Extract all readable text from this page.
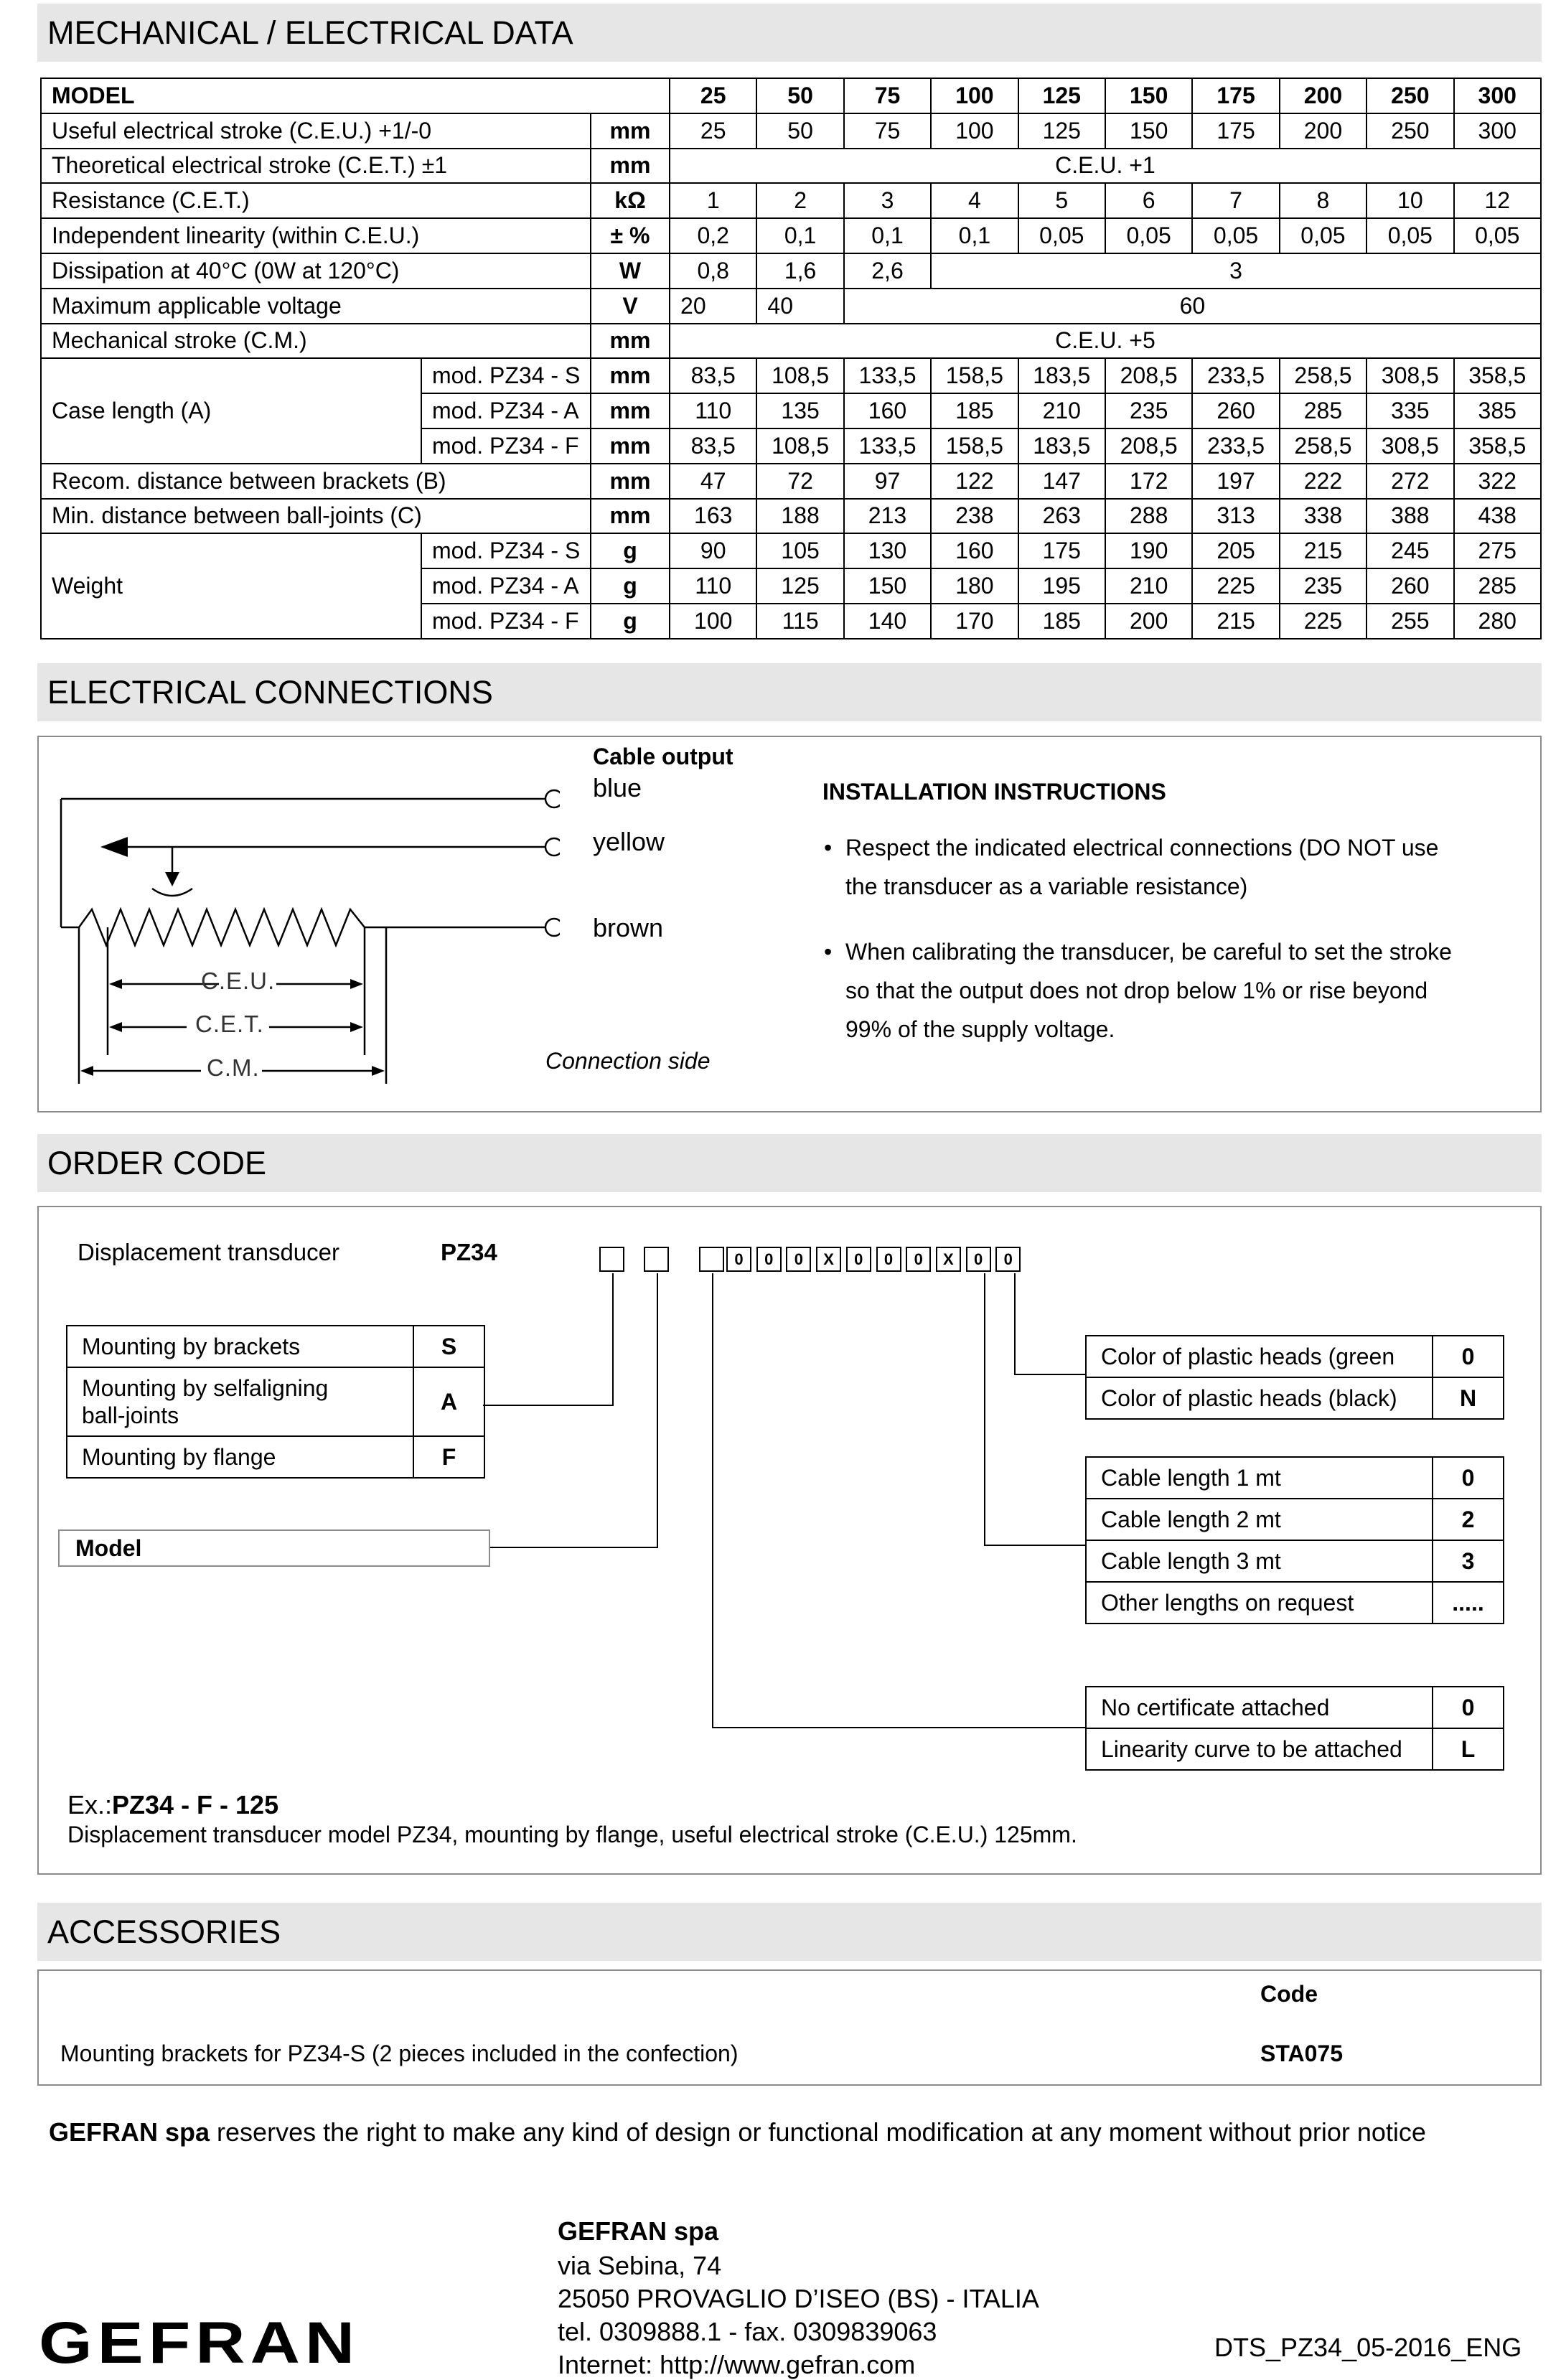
MECHANICAL / ELECTRICAL DATA
MODEL			25	50	75	100	125	150	175	200	250	300
Useful electrical stroke (C.E.U.) +1/-0		mm	25	50	75	100	125	150	175	200	250	300
Theoretical electrical stroke (C.E.T.) ±1		mm	C.E.U. +1									
Resistance (C.E.T.)		kΩ	1	2	3	4	5	6	7	8	10	12
Independent linearity (within C.E.U.)		± %	0,2	0,1	0,1	0,1	0,05	0,05	0,05	0,05	0,05	0,05
Dissipation at 40°C (0W at 120°C)		W	0,8	1,6	2,6	3						
Maximum applicable voltage		V	20	40	60							
Mechanical stroke (C.M.)		mm	C.E.U. +5									
Case length (A)	mod. PZ34 - S	mm	83,5	108,5	133,5	158,5	183,5	208,5	233,5	258,5	308,5	358,5
	mod. PZ34 - A	mm	110	135	160	185	210	235	260	285	335	385
	mod. PZ34 - F	mm	83,5	108,5	133,5	158,5	183,5	208,5	233,5	258,5	308,5	358,5
Recom. distance between brackets (B)		mm	47	72	97	122	147	172	197	222	272	322
Min. distance between ball-joints (C)		mm	163	188	213	238	263	288	313	338	388	438
Weight	mod. PZ34 - S	g	90	105	130	160	175	190	205	215	245	275
	mod. PZ34 - A	g	110	125	150	180	195	210	225	235	260	285
	mod. PZ34 - F	g	100	115	140	170	185	200	215	225	255	280
ELECTRICAL CONNECTIONS
C.E.U.
C.E.T.
C.M.
Cable output
blue
yellow
brown
Connection side
INSTALLATION INSTRUCTIONS
• Respect the indicated electrical connections (DO NOT use
the transducer as a variable resistance)
• When calibrating the transducer, be careful to set the stroke
so that the output does not drop below 1% or rise beyond
99% of the supply voltage.
ORDER CODE
Displacement transducer	PZ34	0	0	0	X	0	0	0	X	0	0
Mounting by brackets	S
Mounting by selfaligning
ball-joints	A
Mounting by flange	F
Model
Color of plastic heads (green	0
Color of plastic heads (black)	N
Cable length 1 mt	0
Cable length 2 mt	2
Cable length 3 mt	3
Other lengths on request	.....
No certificate attached	0
Linearity curve to be attached	L
Ex.:PZ34 - F - 125
Displacement transducer model PZ34, mounting by flange, useful electrical stroke (C.E.U.) 125mm.
ACCESSORIES
Code
Mounting brackets for PZ34-S (2 pieces included in the confection)	STA075
GEFRAN spa reserves the right to make any kind of design or functional modification at any moment without prior notice
GEFRAN spa
via Sebina, 74
25050 PROVAGLIO D’ISEO (BS) - ITALIA
tel. 0309888.1 - fax. 0309839063
Internet: http://www.gefran.com
DTS_PZ34_05-2016_ENG
GEFRAN
